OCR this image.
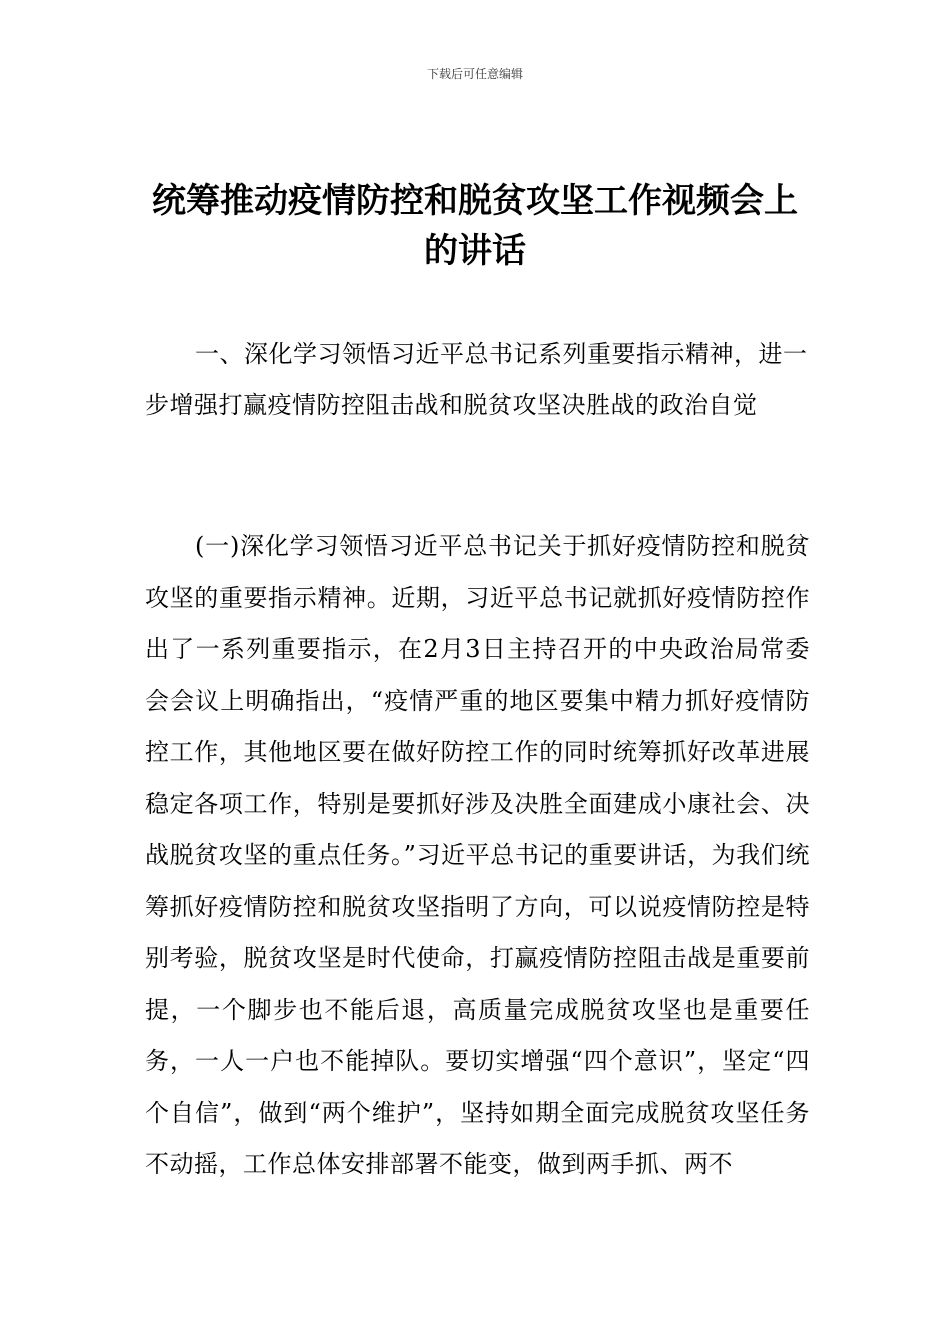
下载后可任意编辑
统筹推动疫情防控和脱贫攻坚工作视频会上的讲话

一、深化学习领悟习近平总书记系列重要指示精神，进一步增强打赢疫情防控阻击战和脱贫攻坚决胜战的政治自觉

(一)深化学习领悟习近平总书记关于抓好疫情防控和脱贫攻坚的重要指示精神。近期，习近平总书记就抓好疫情防控作出了一系列重要指示，在2月3日主持召开的中央政治局常委会会议上明确指出，“疫情严重的地区要集中精力抓好疫情防控工作，其他地区要在做好防控工作的同时统筹抓好改革进展稳定各项工作，特别是要抓好涉及决胜全面建成小康社会、决战脱贫攻坚的重点任务。”习近平总书记的重要讲话，为我们统筹抓好疫情防控和脱贫攻坚指明了方向，可以说疫情防控是特别考验，脱贫攻坚是时代使命，打赢疫情防控阻击战是重要前提，一个脚步也不能后退，高质量完成脱贫攻坚也是重要任务，一人一户也不能掉队。要切实增强“四个意识”，坚定“四个自信”，做到“两个维护”，坚持如期全面完成脱贫攻坚任务不动摇，工作总体安排部署不能变，做到两手抓、两不
